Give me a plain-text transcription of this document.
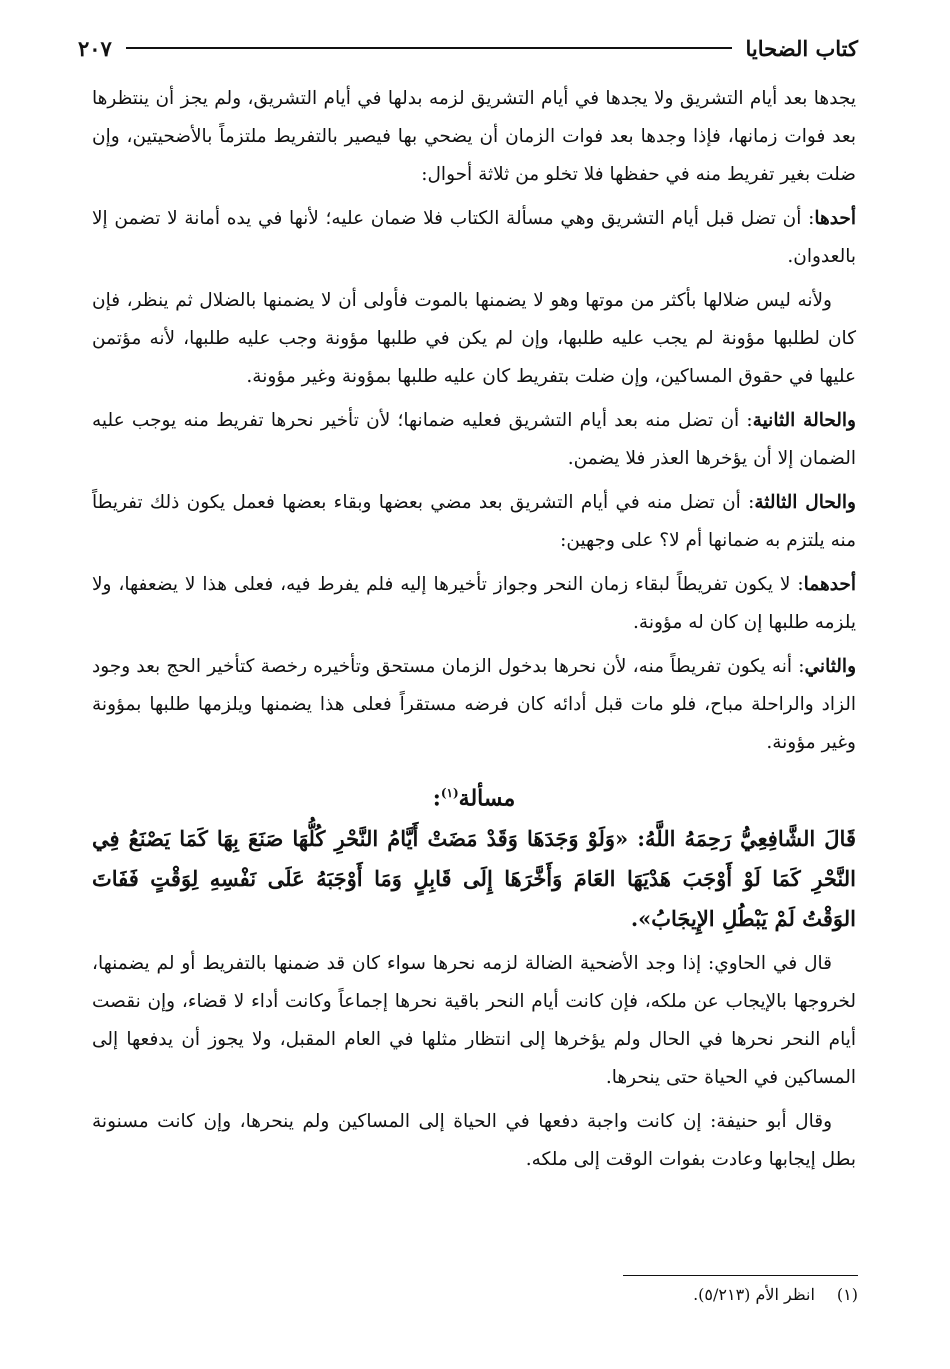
كتاب الضحايا
٢٠٧

يجدها بعد أيام التشريق ولا يجدها في أيام التشريق لزمه بدلها في أيام التشريق، ولم يجز أن ينتظرها بعد فوات زمانها، فإذا وجدها بعد فوات الزمان أن يضحي بها فيصير بالتفريط ملتزماً بالأضحيتين، وإن ضلت بغير تفريط منه في حفظها فلا تخلو من ثلاثة أحوال:

أحدها: أن تضل قبل أيام التشريق وهي مسألة الكتاب فلا ضمان عليه؛ لأنها في يده أمانة لا تضمن إلا بالعدوان.

ولأنه ليس ضلالها بأكثر من موتها وهو لا يضمنها بالموت فأولى أن لا يضمنها بالضلال ثم ينظر، فإن كان لطلبها مؤونة لم يجب عليه طلبها، وإن لم يكن في طلبها مؤونة وجب عليه طلبها، لأنه مؤتمن عليها في حقوق المساكين، وإن ضلت بتفريط كان عليه طلبها بمؤونة وغير مؤونة.

والحالة الثانية: أن تضل منه بعد أيام التشريق فعليه ضمانها؛ لأن تأخير نحرها تفريط منه يوجب عليه الضمان إلا أن يؤخرها العذر فلا يضمن.

والحال الثالثة: أن تضل منه في أيام التشريق بعد مضي بعضها وبقاء بعضها فعمل يكون ذلك تفريطاً منه يلتزم به ضمانها أم لا؟ على وجهين:

أحدهما: لا يكون تفريطاً لبقاء زمان النحر وجواز تأخيرها إليه فلم يفرط فيه، فعلى هذا لا يضعفها، ولا يلزمه طلبها إن كان له مؤونة.

والثاني: أنه يكون تفريطاً منه، لأن نحرها بدخول الزمان مستحق وتأخيره رخصة كتأخير الحج بعد وجود الزاد والراحلة مباح، فلو مات قبل أدائه كان فرضه مستقراً فعلى هذا يضمنها ويلزمها طلبها بمؤونة وغير مؤونة.

مسألة$^{(١)}$:

قَالَ الشَّافِعِيُّ رَحِمَهُ اللَّهُ: «وَلَوْ وَجَدَهَا وَقَدْ مَضَتْ أَيَّامُ النَّحْرِ كُلُّهَا صَنَعَ بِهَا كَمَا يَصْنَعُ فِي النَّحْرِ كَمَا لَوْ أَوْجَبَ هَدْيَهَا العَامَ وَأَخَّرَهَا إِلَى قَابِلٍ وَمَا أَوْجَبَهُ عَلَى نَفْسِهِ لِوَقْتٍ فَفَاتَ الوَقْتُ لَمْ يَبْطُلِ الإِيجَابُ».

قال في الحاوي: إذا وجد الأضحية الضالة لزمه نحرها سواء كان قد ضمنها بالتفريط أو لم يضمنها، لخروجها بالإيجاب عن ملكه، فإن كانت أيام النحر باقية نحرها إجماعاً وكانت أداء لا قضاء، وإن نقصت أيام النحر نحرها في الحال ولم يؤخرها إلى انتظار مثلها في العام المقبل، ولا يجوز أن يدفعها إلى المساكين في الحياة حتى ينحرها.

وقال أبو حنيفة: إن كانت واجبة دفعها في الحياة إلى المساكين ولم ينحرها، وإن كانت مسنونة بطل إيجابها وعادت بفوات الوقت إلى ملكه.

(١)انظر الأم (٥/٢١٣).
